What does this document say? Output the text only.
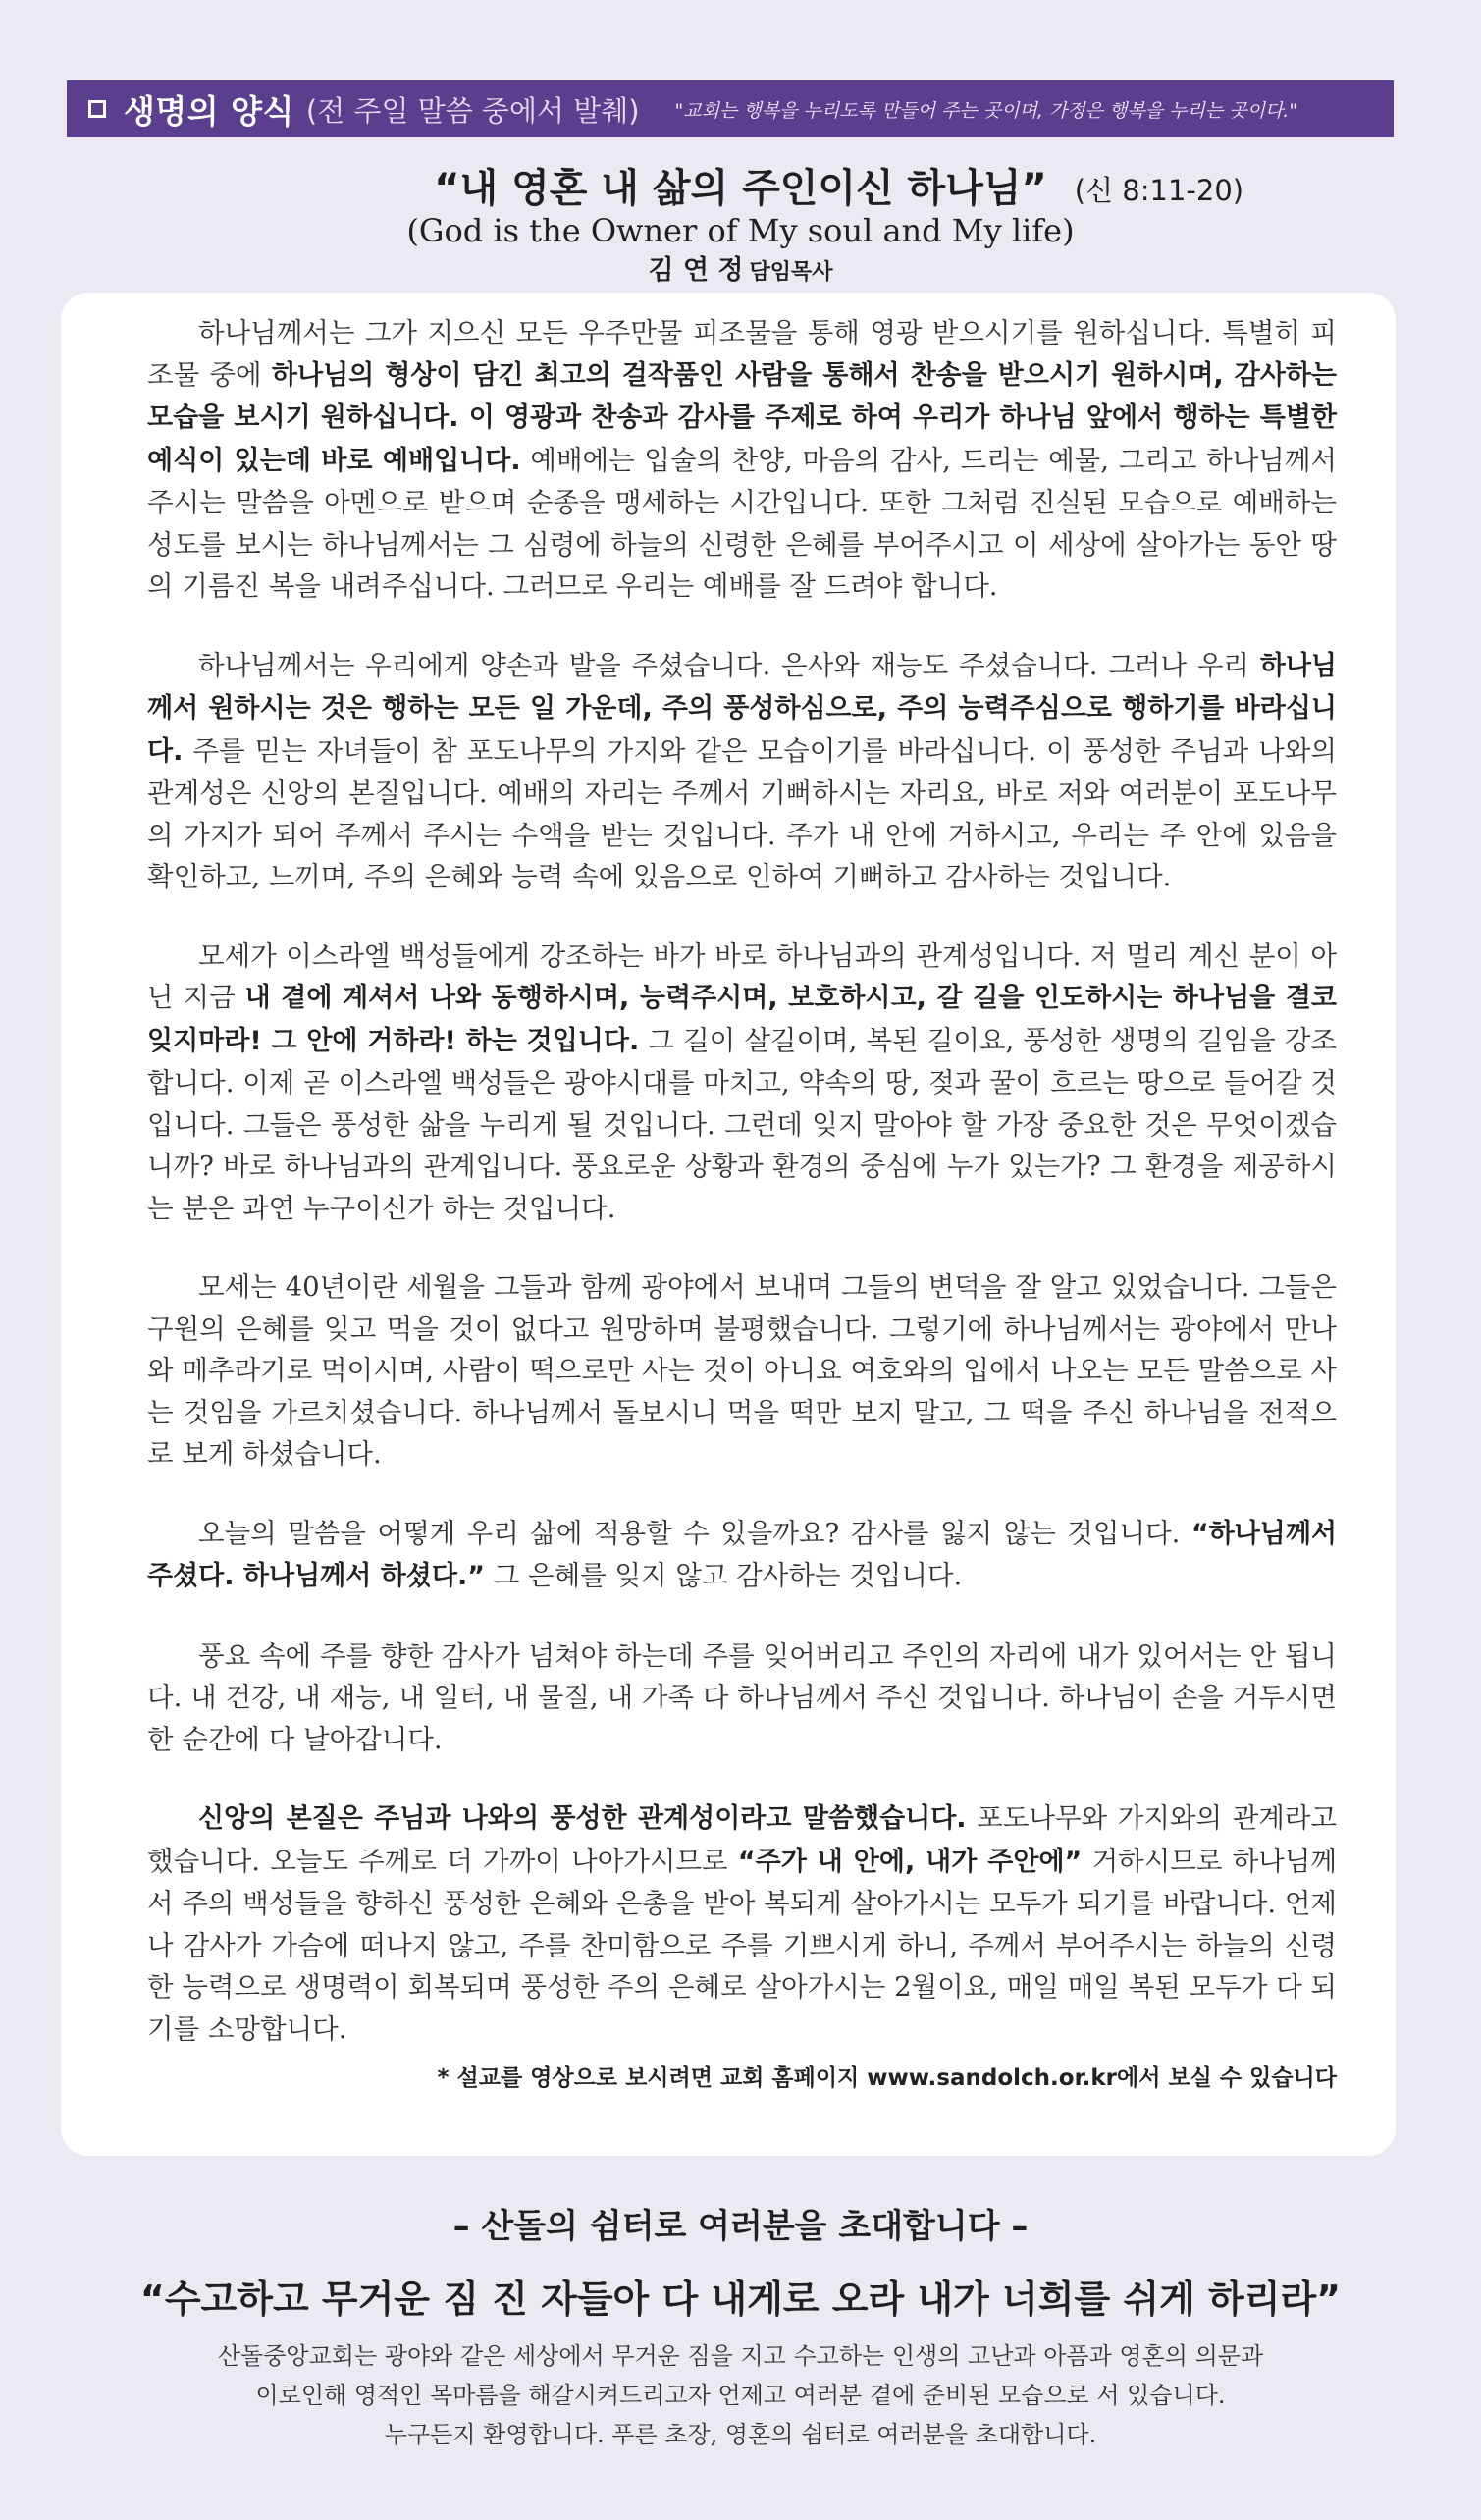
생명의 양식 (전 주일 말씀 중에서 발췌) "교회는 행복을 누리도록 만들어 주는 곳이며, 가정은 행복을 누리는 곳이다."
“내 영혼 내 삶의 주인이신 하나님” (신 8:11-20)
(God is the Owner of My soul and My life)
김 연 정 담임목사

하나님께서는 그가 지으신 모든 우주만물 피조물을 통해 영광 받으시기를 원하십니다. 특별히 피조물 중에 하나님의 형상이 담긴 최고의 걸작품인 사람을 통해서 찬송을 받으시기 원하시며, 감사하는 모습을 보시기 원하십니다. 이 영광과 찬송과 감사를 주제로 하여 우리가 하나님 앞에서 행하는 특별한 예식이 있는데 바로 예배입니다. 예배에는 입술의 찬양, 마음의 감사, 드리는 예물, 그리고 하나님께서 주시는 말씀을 아멘으로 받으며 순종을 맹세하는 시간입니다. 또한 그처럼 진실된 모습으로 예배하는 성도를 보시는 하나님께서는 그 심령에 하늘의 신령한 은혜를 부어주시고 이 세상에 살아가는 동안 땅의 기름진 복을 내려주십니다. 그러므로 우리는 예배를 잘 드려야 합니다.

하나님께서는 우리에게 양손과 발을 주셨습니다. 은사와 재능도 주셨습니다. 그러나 우리 하나님께서 원하시는 것은 행하는 모든 일 가운데, 주의 풍성하심으로, 주의 능력주심으로 행하기를 바라십니다. 주를 믿는 자녀들이 참 포도나무의 가지와 같은 모습이기를 바라십니다. 이 풍성한 주님과 나와의 관계성은 신앙의 본질입니다. 예배의 자리는 주께서 기뻐하시는 자리요, 바로 저와 여러분이 포도나무의 가지가 되어 주께서 주시는 수액을 받는 것입니다. 주가 내 안에 거하시고, 우리는 주 안에 있음을 확인하고, 느끼며, 주의 은혜와 능력 속에 있음으로 인하여 기뻐하고 감사하는 것입니다.

모세가 이스라엘 백성들에게 강조하는 바가 바로 하나님과의 관계성입니다. 저 멀리 계신 분이 아닌 지금 내 곁에 계셔서 나와 동행하시며, 능력주시며, 보호하시고, 갈 길을 인도하시는 하나님을 결코 잊지마라! 그 안에 거하라! 하는 것입니다. 그 길이 살길이며, 복된 길이요, 풍성한 생명의 길임을 강조합니다. 이제 곧 이스라엘 백성들은 광야시대를 마치고, 약속의 땅, 젖과 꿀이 흐르는 땅으로 들어갈 것입니다. 그들은 풍성한 삶을 누리게 될 것입니다. 그런데 잊지 말아야 할 가장 중요한 것은 무엇이겠습니까? 바로 하나님과의 관계입니다. 풍요로운 상황과 환경의 중심에 누가 있는가? 그 환경을 제공하시는 분은 과연 누구이신가 하는 것입니다.

모세는 40년이란 세월을 그들과 함께 광야에서 보내며 그들의 변덕을 잘 알고 있었습니다. 그들은 구원의 은혜를 잊고 먹을 것이 없다고 원망하며 불평했습니다. 그렇기에 하나님께서는 광야에서 만나와 메추라기로 먹이시며, 사람이 떡으로만 사는 것이 아니요 여호와의 입에서 나오는 모든 말씀으로 사는 것임을 가르치셨습니다. 하나님께서 돌보시니 먹을 떡만 보지 말고, 그 떡을 주신 하나님을 전적으로 보게 하셨습니다.

오늘의 말씀을 어떻게 우리 삶에 적용할 수 있을까요? 감사를 잃지 않는 것입니다. “하나님께서 주셨다. 하나님께서 하셨다.” 그 은혜를 잊지 않고 감사하는 것입니다.

풍요 속에 주를 향한 감사가 넘쳐야 하는데 주를 잊어버리고 주인의 자리에 내가 있어서는 안 됩니다. 내 건강, 내 재능, 내 일터, 내 물질, 내 가족 다 하나님께서 주신 것입니다. 하나님이 손을 거두시면 한 순간에 다 날아갑니다.

신앙의 본질은 주님과 나와의 풍성한 관계성이라고 말씀했습니다. 포도나무와 가지와의 관계라고 했습니다. 오늘도 주께로 더 가까이 나아가시므로 “주가 내 안에, 내가 주안에” 거하시므로 하나님께서 주의 백성들을 향하신 풍성한 은혜와 은총을 받아 복되게 살아가시는 모두가 되기를 바랍니다. 언제나 감사가 가슴에 떠나지 않고, 주를 찬미함으로 주를 기쁘시게 하니, 주께서 부어주시는 하늘의 신령한 능력으로 생명력이 회복되며 풍성한 주의 은혜로 살아가시는 2월이요, 매일 매일 복된 모두가 다 되기를 소망합니다.

* 설교를 영상으로 보시려면 교회 홈페이지 www.sandolch.or.kr에서 보실 수 있습니다
– 산돌의 쉼터로 여러분을 초대합니다 –
“수고하고 무거운 짐 진 자들아 다 내게로 오라 내가 너희를 쉬게 하리라”
산돌중앙교회는 광야와 같은 세상에서 무거운 짐을 지고 수고하는 인생의 고난과 아픔과 영혼의 의문과
이로인해 영적인 목마름을 해갈시켜드리고자 언제고 여러분 곁에 준비된 모습으로 서 있습니다.
누구든지 환영합니다. 푸른 초장, 영혼의 쉼터로 여러분을 초대합니다.
